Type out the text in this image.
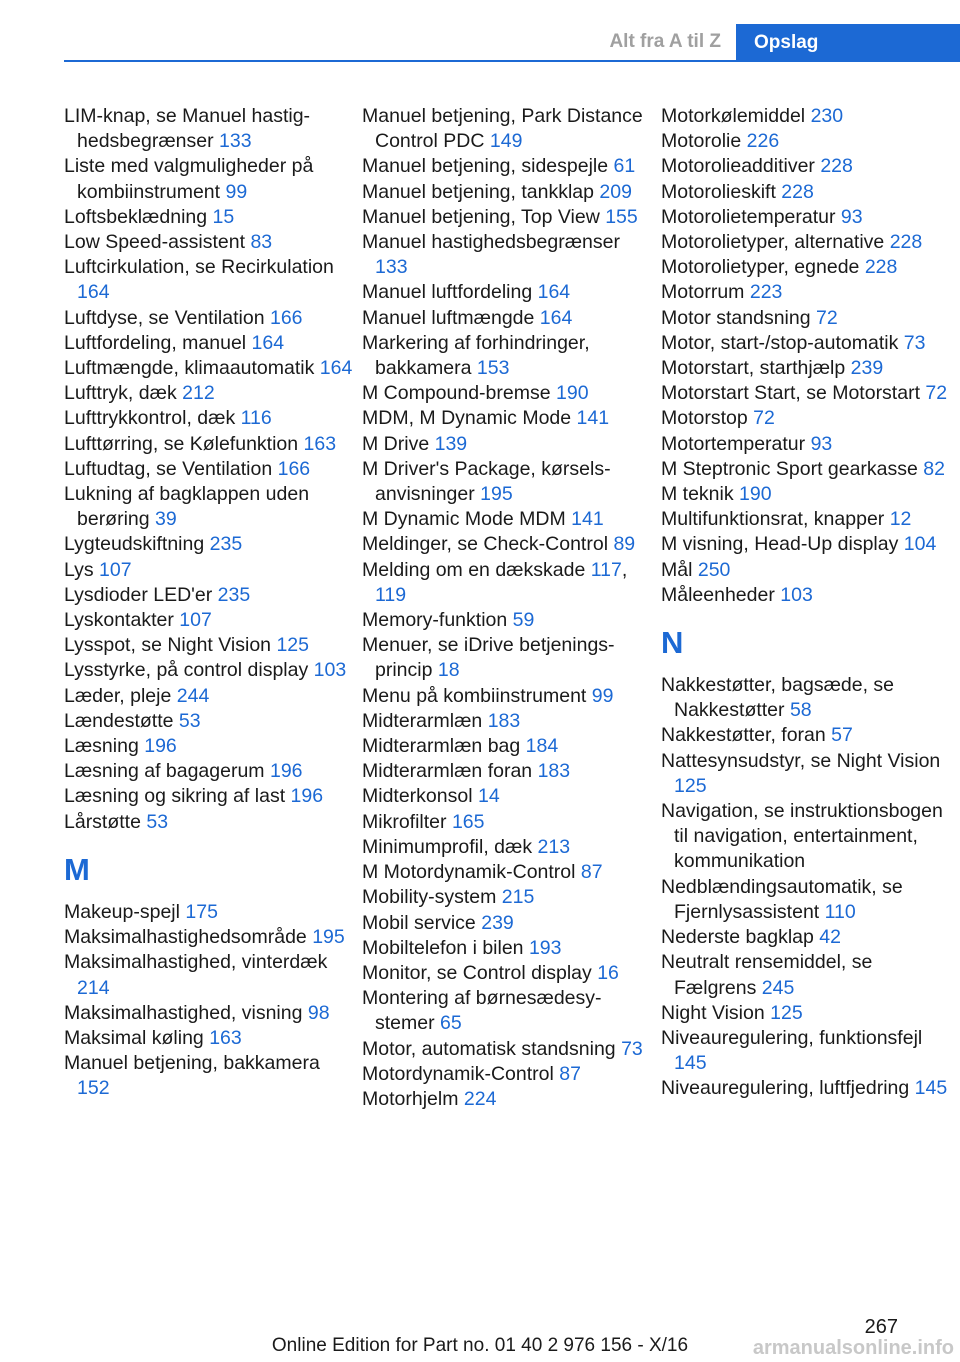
Alt fra A til Z	Opslag
LIM-knap, se Manuel hastighedsbegrænser 133
Liste med valgmuligheder på kombiinstrument 99
Loftsbeklædning 15
Low Speed-assistent 83
Luftcirkulation, se Recirkulation 164
Luftdyse, se Ventilation 166
Luftfordeling, manuel 164
Luftmængde, klimaautomatik 164
Lufttryk, dæk 212
Lufttrykkontrol, dæk 116
Lufttørring, se Kølefunktion 163
Luftudtag, se Ventilation 166
Lukning af bagklappen uden berøring 39
Lygteudskiftning 235
Lys 107
Lysdioder LED'er 235
Lyskontakter 107
Lysspot, se Night Vision 125
Lysstyrke, på control display 103
Læder, pleje 244
Lændestøtte 53
Læsning 196
Læsning af bagagerum 196
Læsning og sikring af last 196
Lårstøtte 53
M
Makeup-spejl 175
Maksimalhastighedsområde 195
Maksimalhastighed, vinterdæk 214
Maksimalhastighed, visning 98
Maksimal køling 163
Manuel betjening, bakkamera 152
Manuel betjening, Park Distance Control PDC 149
Manuel betjening, sidespejle 61
Manuel betjening, tankklap 209
Manuel betjening, Top View 155
Manuel hastighedsbegrænser 133
Manuel luftfordeling 164
Manuel luftmængde 164
Markering af forhindringer, bakkamera 153
M Compound-bremse 190
MDM, M Dynamic Mode 141
M Drive 139
M Driver's Package, kørselsanvisninger 195
M Dynamic Mode MDM 141
Meldinger, se Check-Control 89
Melding om en dækskade 117, 119
Memory-funktion 59
Menuer, se iDrive betjeningsprincip 18
Menu på kombiinstrument 99
Midterarmlæn 183
Midterarmlæn bag 184
Midterarmlæn foran 183
Midterkonsol 14
Mikrofilter 165
Minimumprofil, dæk 213
M Motordynamik-Control 87
Mobility-system 215
Mobil service 239
Mobiltelefon i bilen 193
Monitor, se Control display 16
Montering af børnesædesystemer 65
Motor, automatisk standsning 73
Motordynamik-Control 87
Motorhjelm 224
Motorkølemiddel 230
Motorolie 226
Motorolieadditiver 228
Motorolieskift 228
Motorolietemperatur 93
Motorolietyper, alternative 228
Motorolietyper, egnede 228
Motorrum 223
Motor standsning 72
Motor, start-/stop-automatik 73
Motorstart, starthjælp 239
Motorstart Start, se Motorstart 72
Motorstop 72
Motortemperatur 93
M Steptronic Sport gearkasse 82
M teknik 190
Multifunktionsrat, knapper 12
M visning, Head-Up display 104
Mål 250
Måleenheder 103
N
Nakkestøtter, bagsæde, se Nakkestøtter 58
Nakkestøtter, foran 57
Nattesynsudstyr, se Night Vision 125
Navigation, se instruktionsbogen til navigation, entertainment, kommunikation
Nedblændingsautomatik, se Fjernlysassistent 110
Nederste bagklap 42
Neutralt rensemiddel, se Fælgrens 245
Night Vision 125
Niveauregulering, funktionsfejl 145
Niveauregulering, luftfjedring 145
267
Online Edition for Part no. 01 40 2 976 156 - X/16	armanualsonline.info
